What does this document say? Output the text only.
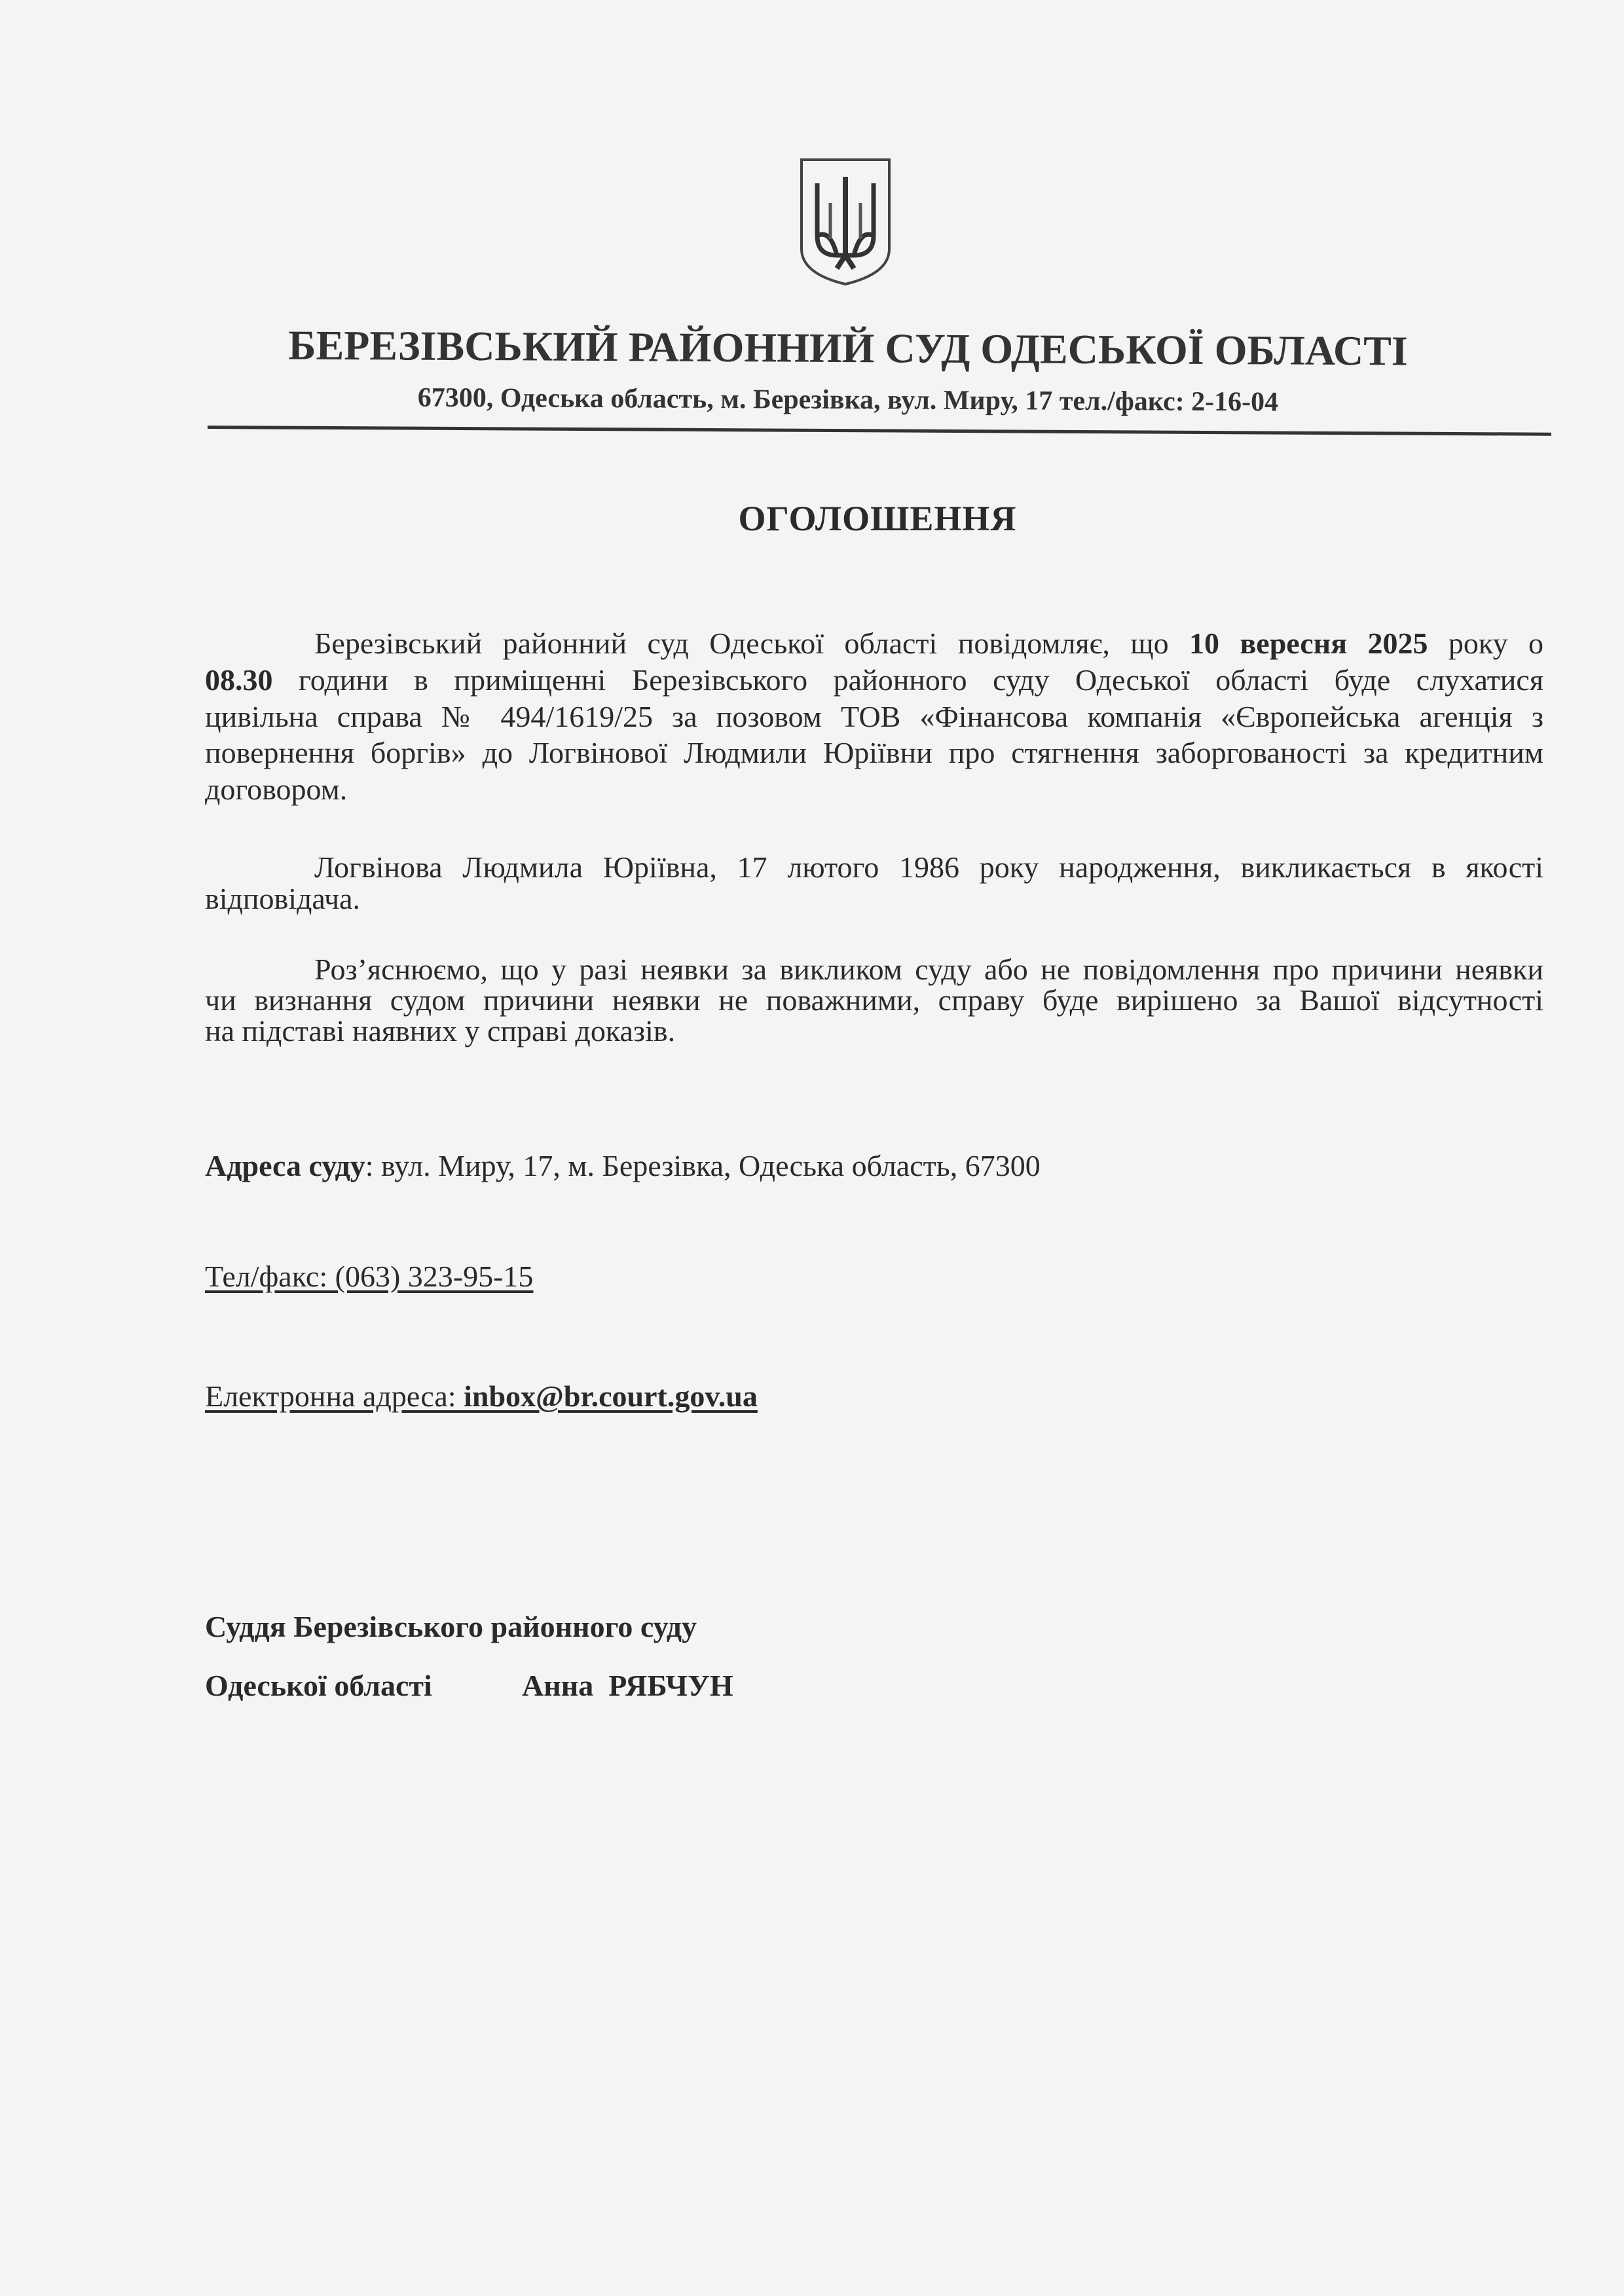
БЕРЕЗІВСЬКИЙ РАЙОННИЙ СУД ОДЕСЬКОЇ ОБЛАСТІ
67300, Одеська область, м. Березівка, вул. Миру, 17 тел./факс: 2-16-04
ОГОЛОШЕННЯ
Березівський районний суд Одеської області повідомляє, що 10 вересня 2025 року о
08.30 години в приміщенні Березівського районного суду Одеської області буде слухатися
цивільна справа № 494/1619/25 за позовом ТОВ «Фінансова компанія «Європейська агенція з
повернення боргів» до Логвінової Людмили Юріївни про стягнення заборгованості за кредитним
договором.
Логвінова Людмила Юріївна, 17 лютого 1986 року народження, викликається в якості
відповідача.
Роз’яснюємо, що у разі неявки за викликом суду або не повідомлення про причини неявки
чи визнання судом причини неявки не поважними, справу буде вирішено за Вашої відсутності
на підставі наявних у справі доказів.
Адреса суду: вул. Миру, 17, м. Березівка, Одеська область, 67300
Тел/факс: (063) 323-95-15
Електронна адреса: inbox@br.court.gov.ua
Суддя Березівського районного суду
Одеської області	Анна  РЯБЧУН
